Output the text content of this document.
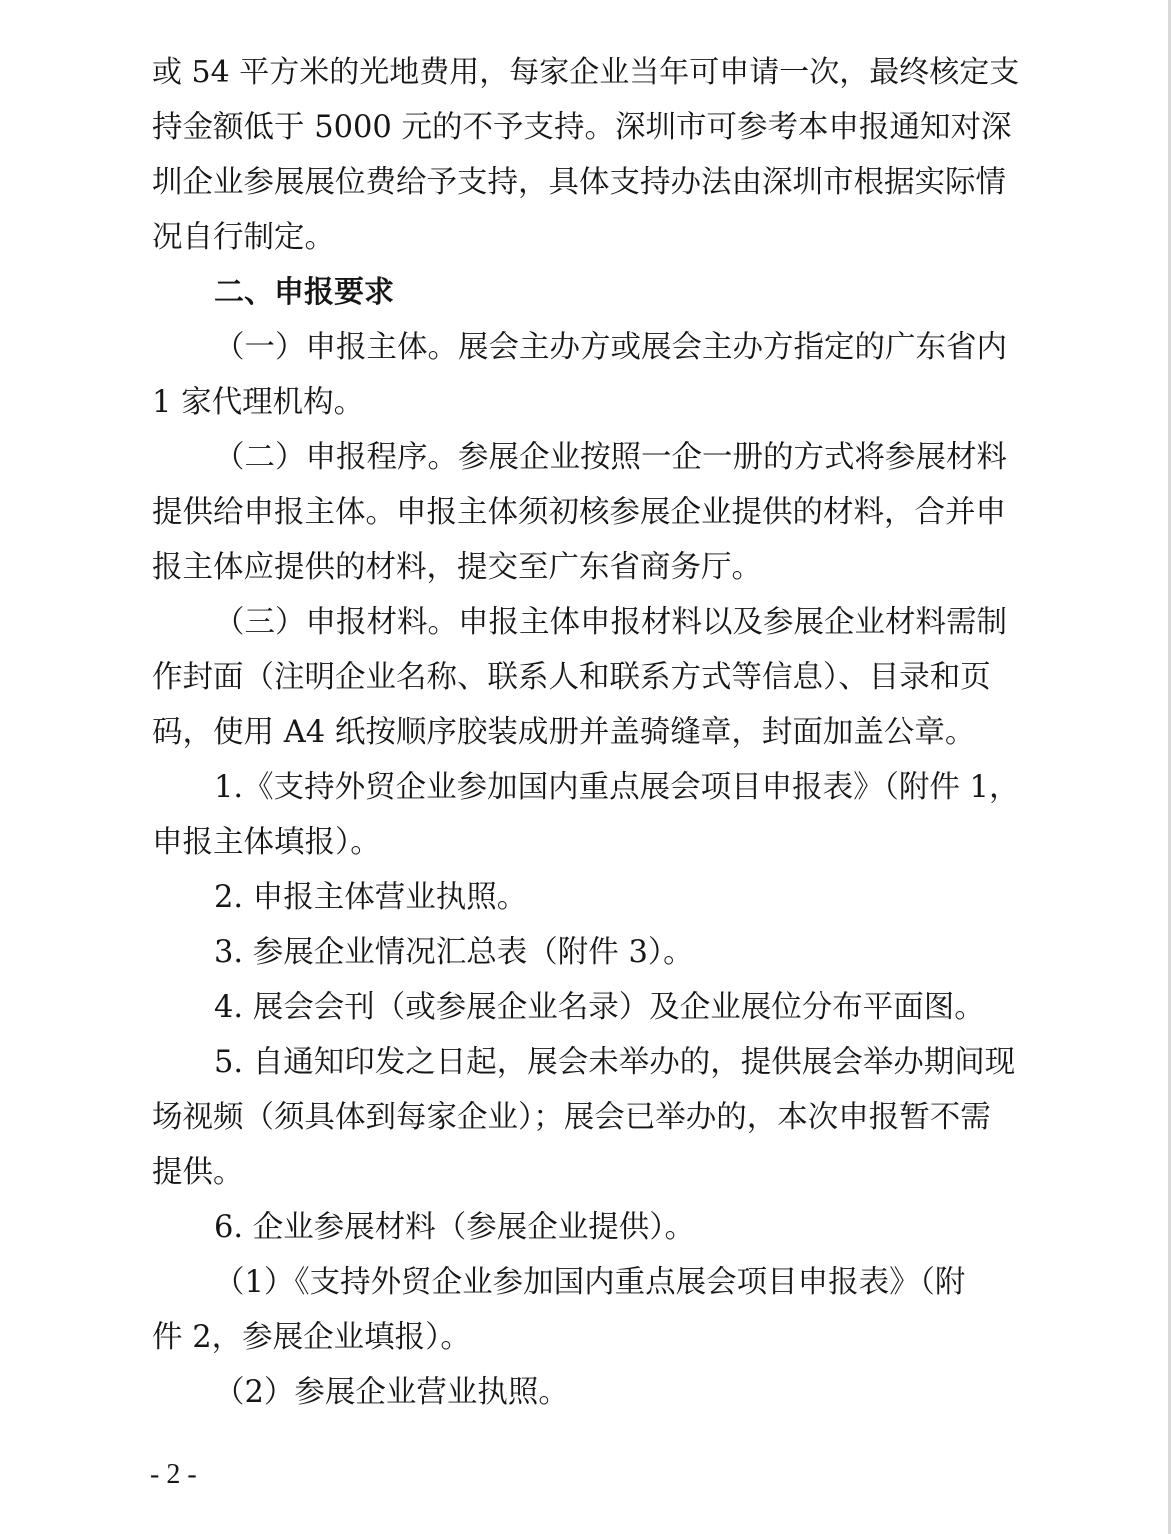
或 54 平方米的光地费用，每家企业当年可申请一次，最终核定支
持金额低于 5000 元的不予支持。深圳市可参考本申报通知对深
圳企业参展展位费给予支持，具体支持办法由深圳市根据实际情
况自行制定。
二、申报要求
（一）申报主体。展会主办方或展会主办方指定的广东省内
1 家代理机构。
（二）申报程序。参展企业按照一企一册的方式将参展材料
提供给申报主体。申报主体须初核参展企业提供的材料，合并申
报主体应提供的材料，提交至广东省商务厅。
（三）申报材料。申报主体申报材料以及参展企业材料需制
作封面（注明企业名称、联系人和联系方式等信息）、目录和页
码，使用 A4 纸按顺序胶装成册并盖骑缝章，封面加盖公章。
1.《支持外贸企业参加国内重点展会项目申报表》（附件 1，
申报主体填报）。
2. 申报主体营业执照。
3. 参展企业情况汇总表（附件 3）。
4. 展会会刊（或参展企业名录）及企业展位分布平面图。
5. 自通知印发之日起，展会未举办的，提供展会举办期间现
场视频（须具体到每家企业）；展会已举办的，本次申报暂不需
提供。
6. 企业参展材料（参展企业提供）。
（1）《支持外贸企业参加国内重点展会项目申报表》（附
件 2，参展企业填报）。
（2）参展企业营业执照。
- 2 -
